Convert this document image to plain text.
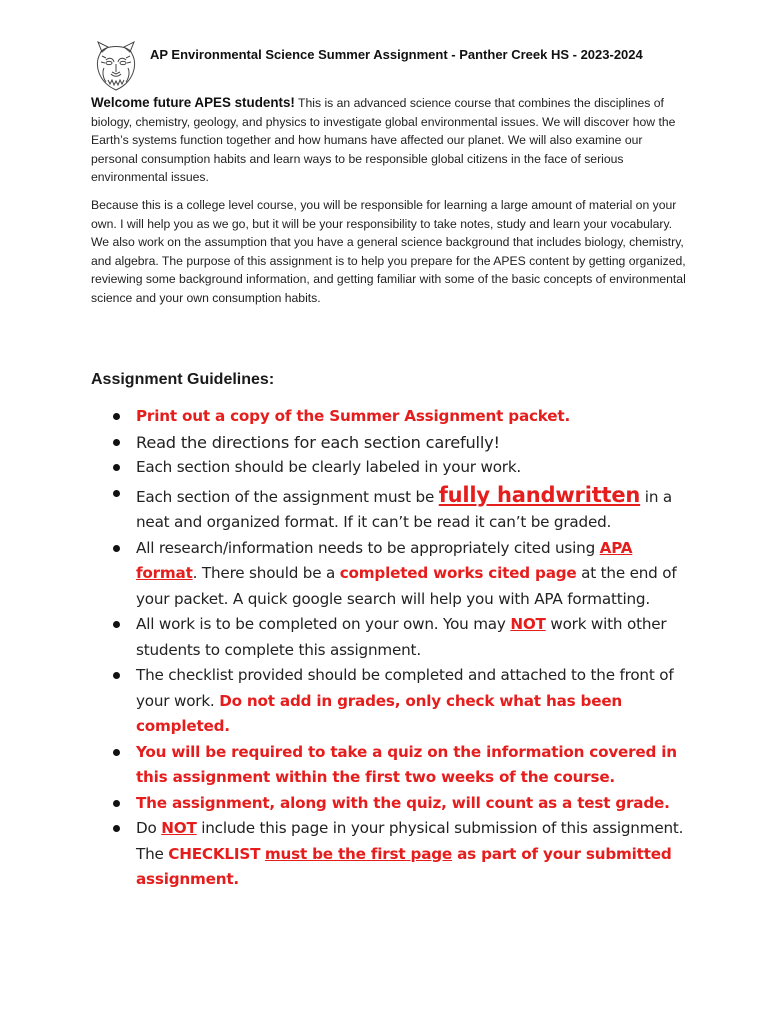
AP Environmental Science Summer Assignment - Panther Creek HS - 2023-2024

Welcome future APES students! This is an advanced science course that combines the disciplines of biology, chemistry, geology, and physics to investigate global environmental issues. We will discover how the Earth’s systems function together and how humans have affected our planet. We will also examine our personal consumption habits and learn ways to be responsible global citizens in the face of serious environmental issues.

Because this is a college level course, you will be responsible for learning a large amount of material on your own. I will help you as we go, but it will be your responsibility to take notes, study and learn your vocabulary. We also work on the assumption that you have a general science background that includes biology, chemistry, and algebra. The purpose of this assignment is to help you prepare for the APES content by getting organized, reviewing some background information, and getting familiar with some of the basic concepts of environmental science and your own consumption habits.

Assignment Guidelines:
Print out a copy of the Summer Assignment packet.
Read the directions for each section carefully!
Each section should be clearly labeled in your work.
Each section of the assignment must be fully handwritten in a neat and organized format. If it can’t be read it can’t be graded.
All research/information needs to be appropriately cited using APA format. There should be a completed works cited page at the end of your packet. A quick google search will help you with APA formatting.
All work is to be completed on your own. You may NOT work with other students to complete this assignment.
The checklist provided should be completed and attached to the front of your work. Do not add in grades, only check what has been completed.
You will be required to take a quiz on the information covered in this assignment within the first two weeks of the course.
The assignment, along with the quiz, will count as a test grade.
Do NOT include this page in your physical submission of this assignment. The CHECKLIST must be the first page as part of your submitted assignment.
